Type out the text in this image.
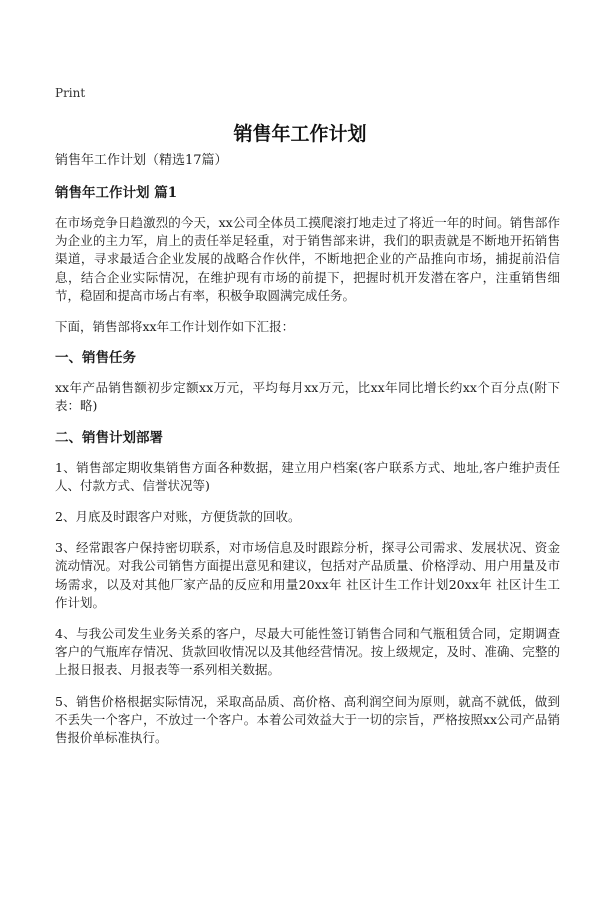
Print
销售年工作计划
销售年工作计划（精选17篇）
销售年工作计划 篇1

在市场竞争日趋激烈的今天，xx公司全体员工摸爬滚打地走过了将近一年的时间。销售部作为企业的主力军，肩上的责任举足轻重，对于销售部来讲，我们的职责就是不断地开拓销售渠道，寻求最适合企业发展的战略合作伙伴，不断地把企业的产品推向市场，捕捉前沿信息，结合企业实际情况，在维护现有市场的前提下，把握时机开发潜在客户，注重销售细节，稳固和提高市场占有率，积极争取圆满完成任务。

下面，销售部将xx年工作计划作如下汇报：

一、销售任务

xx年产品销售额初步定额xx万元，平均每月xx万元，比xx年同比增长约xx个百分点(附下表：略)

二、销售计划部署

1、销售部定期收集销售方面各种数据，建立用户档案(客户联系方式、地址,客户维护责任人、付款方式、信誉状况等)

2、月底及时跟客户对账，方便货款的回收。

3、经常跟客户保持密切联系，对市场信息及时跟踪分析，探寻公司需求、发展状况、资金流动情况。对我公司销售方面提出意见和建议，包括对产品质量、价格浮动、用户用量及市场需求，以及对其他厂家产品的反应和用量20xx年 社区计生工作计划20xx年 社区计生工作计划。

4、与我公司发生业务关系的客户，尽最大可能性签订销售合同和气瓶租赁合同，定期调查客户的气瓶库存情况、货款回收情况以及其他经营情况。按上级规定，及时、准确、完整的上报日报表、月报表等一系列相关数据。

5、销售价格根据实际情况，采取高品质、高价格、高利润空间为原则，就高不就低，做到不丢失一个客户，不放过一个客户。本着公司效益大于一切的宗旨，严格按照xx公司产品销售报价单标准执行。
